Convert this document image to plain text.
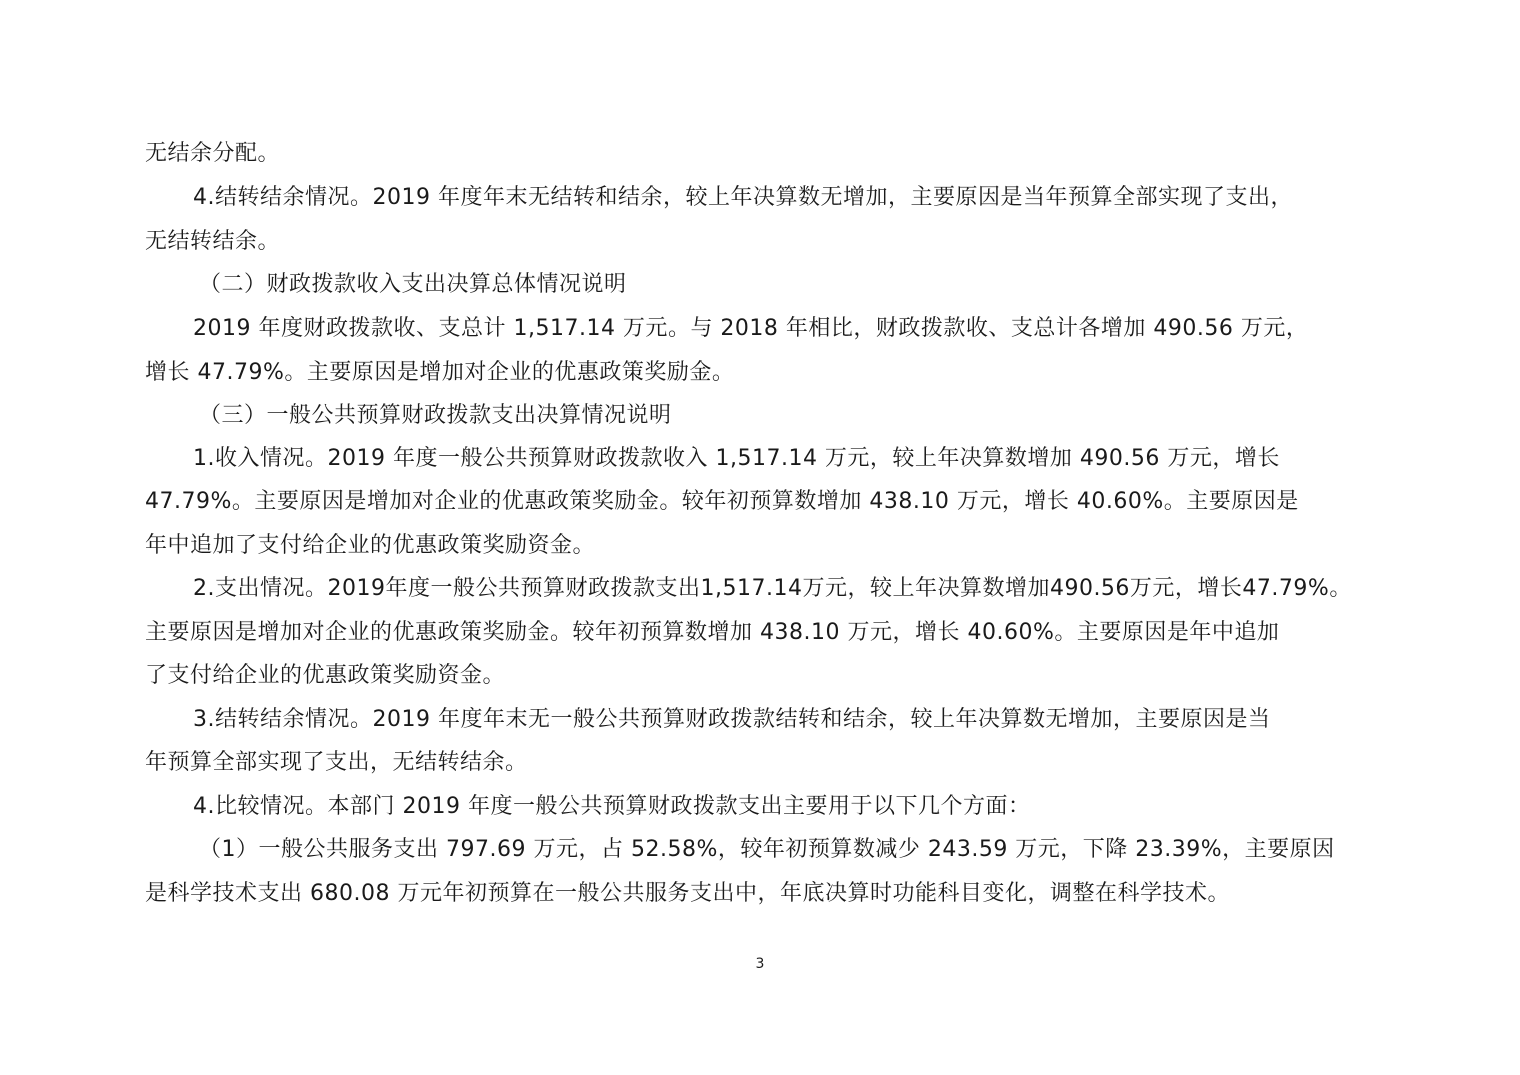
无结余分配。
4.结转结余情况。2019 年度年末无结转和结余，较上年决算数无增加，主要原因是当年预算全部实现了支出，
无结转结余。
（二）财政拨款收入支出决算总体情况说明
2019 年度财政拨款收、支总计 1,517.14 万元。与 2018 年相比，财政拨款收、支总计各增加 490.56 万元，
增长 47.79%。主要原因是增加对企业的优惠政策奖励金。
（三）一般公共预算财政拨款支出决算情况说明
1.收入情况。2019 年度一般公共预算财政拨款收入 1,517.14 万元，较上年决算数增加 490.56 万元，增长
47.79%。主要原因是增加对企业的优惠政策奖励金。较年初预算数增加 438.10 万元，增长 40.60%。主要原因是
年中追加了支付给企业的优惠政策奖励资金。
2.支出情况。2019年度一般公共预算财政拨款支出1,517.14万元，较上年决算数增加490.56万元，增长47.79%。
主要原因是增加对企业的优惠政策奖励金。较年初预算数增加 438.10 万元，增长 40.60%。主要原因是年中追加
了支付给企业的优惠政策奖励资金。
3.结转结余情况。2019 年度年末无一般公共预算财政拨款结转和结余，较上年决算数无增加，主要原因是当
年预算全部实现了支出，无结转结余。
4.比较情况。本部门 2019 年度一般公共预算财政拨款支出主要用于以下几个方面：
（1）一般公共服务支出 797.69 万元，占 52.58%，较年初预算数减少 243.59 万元，下降 23.39%，主要原因
是科学技术支出 680.08 万元年初预算在一般公共服务支出中，年底决算时功能科目变化，调整在科学技术。
3
